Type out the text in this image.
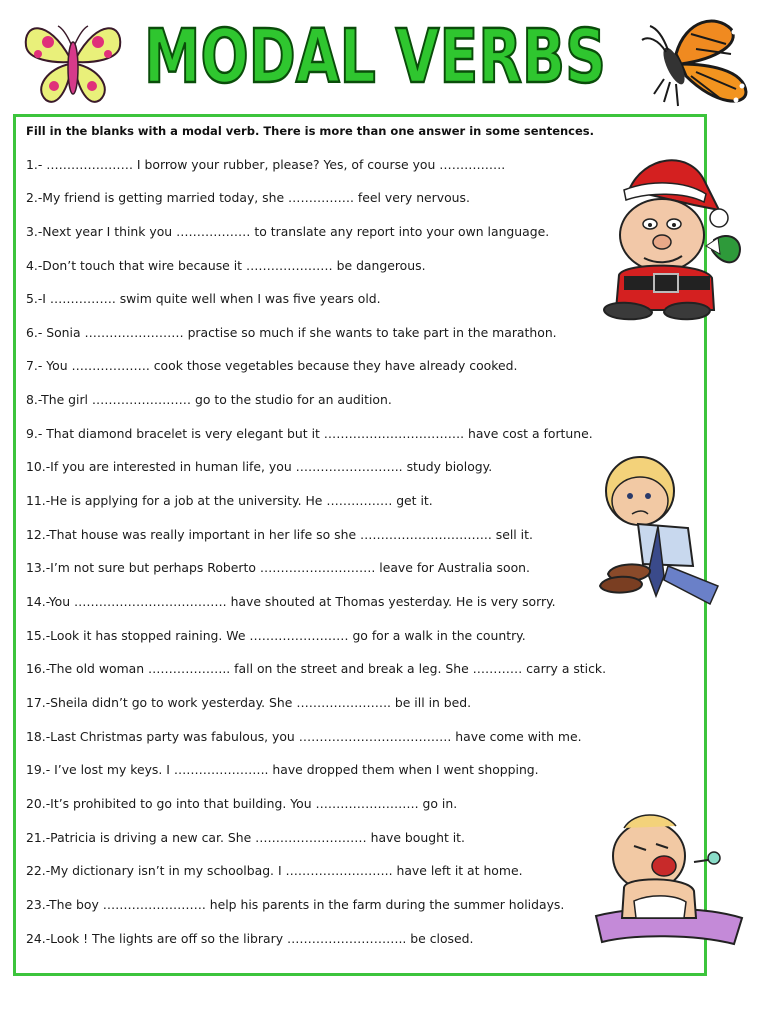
MODAL VERBS
Fill in the blanks with a modal verb. There is more than one answer in some sentences.
1.- ………………… I borrow your rubber, please? Yes, of course you …………….
2.-My friend is getting married today, she ……………. feel very nervous.
3.-Next year I think you ……………… to translate any report into your own language.
4.-Don’t touch that wire because it ………………… be dangerous.
5.-I ……………. swim quite well when I was five years old.
6.- Sonia …………………… practise so much if she wants to take part in the marathon.
7.- You ………………. cook those vegetables because they have already cooked.
8.-The girl …………………… go to the studio for an audition.
9.- That diamond bracelet is very elegant but it ……………………………. have cost a fortune.
10.-If you are interested in human life, you …………………….. study biology.
11.-He is applying for a job at the university. He ……………. get it.
12.-That house was really important in her life so she ………………………….. sell it.
13.-I’m not sure but perhaps Roberto ………………………. leave for Australia soon.
14.-You ………………………………. have shouted at Thomas yesterday. He is very sorry.
15.-Look it has stopped raining. We …………………… go for a walk in the country.
16.-The old woman ……………….. fall on the street and break a leg. She ………… carry a stick.
17.-Sheila didn’t go to work yesterday. She ………………….. be ill in bed.
18.-Last Christmas party was fabulous, you ………………………………. have come with me.
19.- I’ve lost my keys. I ………………….. have dropped them when I went shopping.
20.-It’s prohibited to go into that building. You ……………………. go in.
21.-Patricia is driving a new car. She ……………………… have bought it.
22.-My dictionary isn’t in my schoolbag. I …………………….. have left it at home.
23.-The boy ……………………. help his parents in the farm during the summer holidays.
24.-Look ! The lights are off so the library ……………………….. be closed.
